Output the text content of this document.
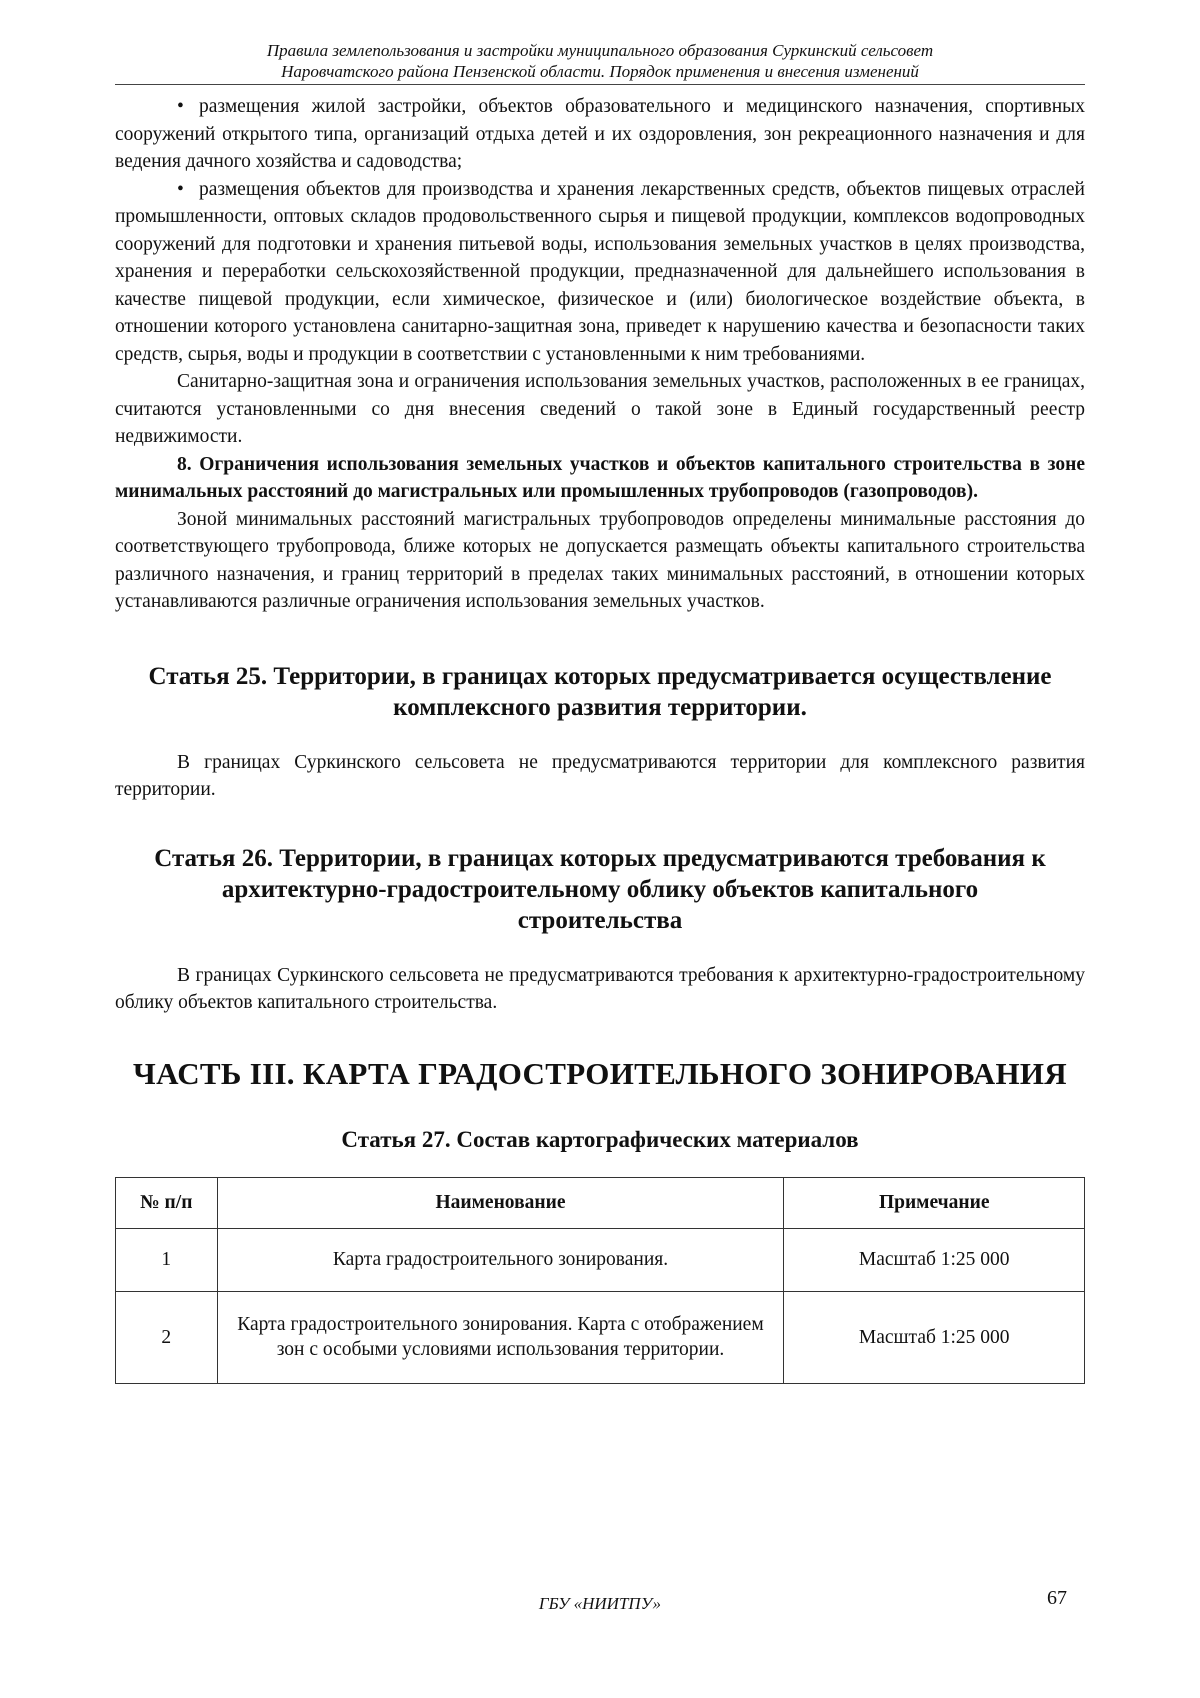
Правила землепользования и застройки муниципального образования Суркинский сельсовет
Наровчатского района Пензенской области. Порядок применения и внесения изменений

• размещения жилой застройки, объектов образовательного и медицинского назначения, спортивных сооружений открытого типа, организаций отдыха детей и их оздоровления, зон рекреационного назначения и для ведения дачного хозяйства и садоводства;

• размещения объектов для производства и хранения лекарственных средств, объектов пищевых отраслей промышленности, оптовых складов продовольственного сырья и пищевой продукции, комплексов водопроводных сооружений для подготовки и хранения питьевой воды, использования земельных участков в целях производства, хранения и переработки сельскохозяйственной продукции, предназначенной для дальнейшего использования в качестве пищевой продукции, если химическое, физическое и (или) биологическое воздействие объекта, в отношении которого установлена санитарно-защитная зона, приведет к нарушению качества и безопасности таких средств, сырья, воды и продукции в соответствии с установленными к ним требованиями.

Санитарно-защитная зона и ограничения использования земельных участков, расположенных в ее границах, считаются установленными со дня внесения сведений о такой зоне в Единый государственный реестр недвижимости.

8. Ограничения использования земельных участков и объектов капитального строительства в зоне минимальных расстояний до магистральных или промышленных трубопроводов (газопроводов).

Зоной минимальных расстояний магистральных трубопроводов определены минимальные расстояния до соответствующего трубопровода, ближе которых не допускается размещать объекты капитального строительства различного назначения, и границ территорий в пределах таких минимальных расстояний, в отношении которых устанавливаются различные ограничения использования земельных участков.

Статья 25. Территории, в границах которых предусматривается осуществление
комплексного развития территории.

В границах Суркинского сельсовета не предусматриваются территории для комплексного развития территории.

Статья 26. Территории, в границах которых предусматриваются требования к
архитектурно-градостроительному облику объектов капитального
строительства

В границах Суркинского сельсовета не предусматриваются требования к архитектурно-градостроительному облику объектов капитального строительства.

ЧАСТЬ III. КАРТА ГРАДОСТРОИТЕЛЬНОГО ЗОНИРОВАНИЯ
Статья 27. Состав картографических материалов
№ п/п	Наименование	Примечание
1	Карта градостроительного зонирования.	Масштаб 1:25 000
2	Карта градостроительного зонирования. Карта с отображением зон с особыми условиями использования территории.	Масштаб 1:25 000
ГБУ «НИИТПУ»	67
